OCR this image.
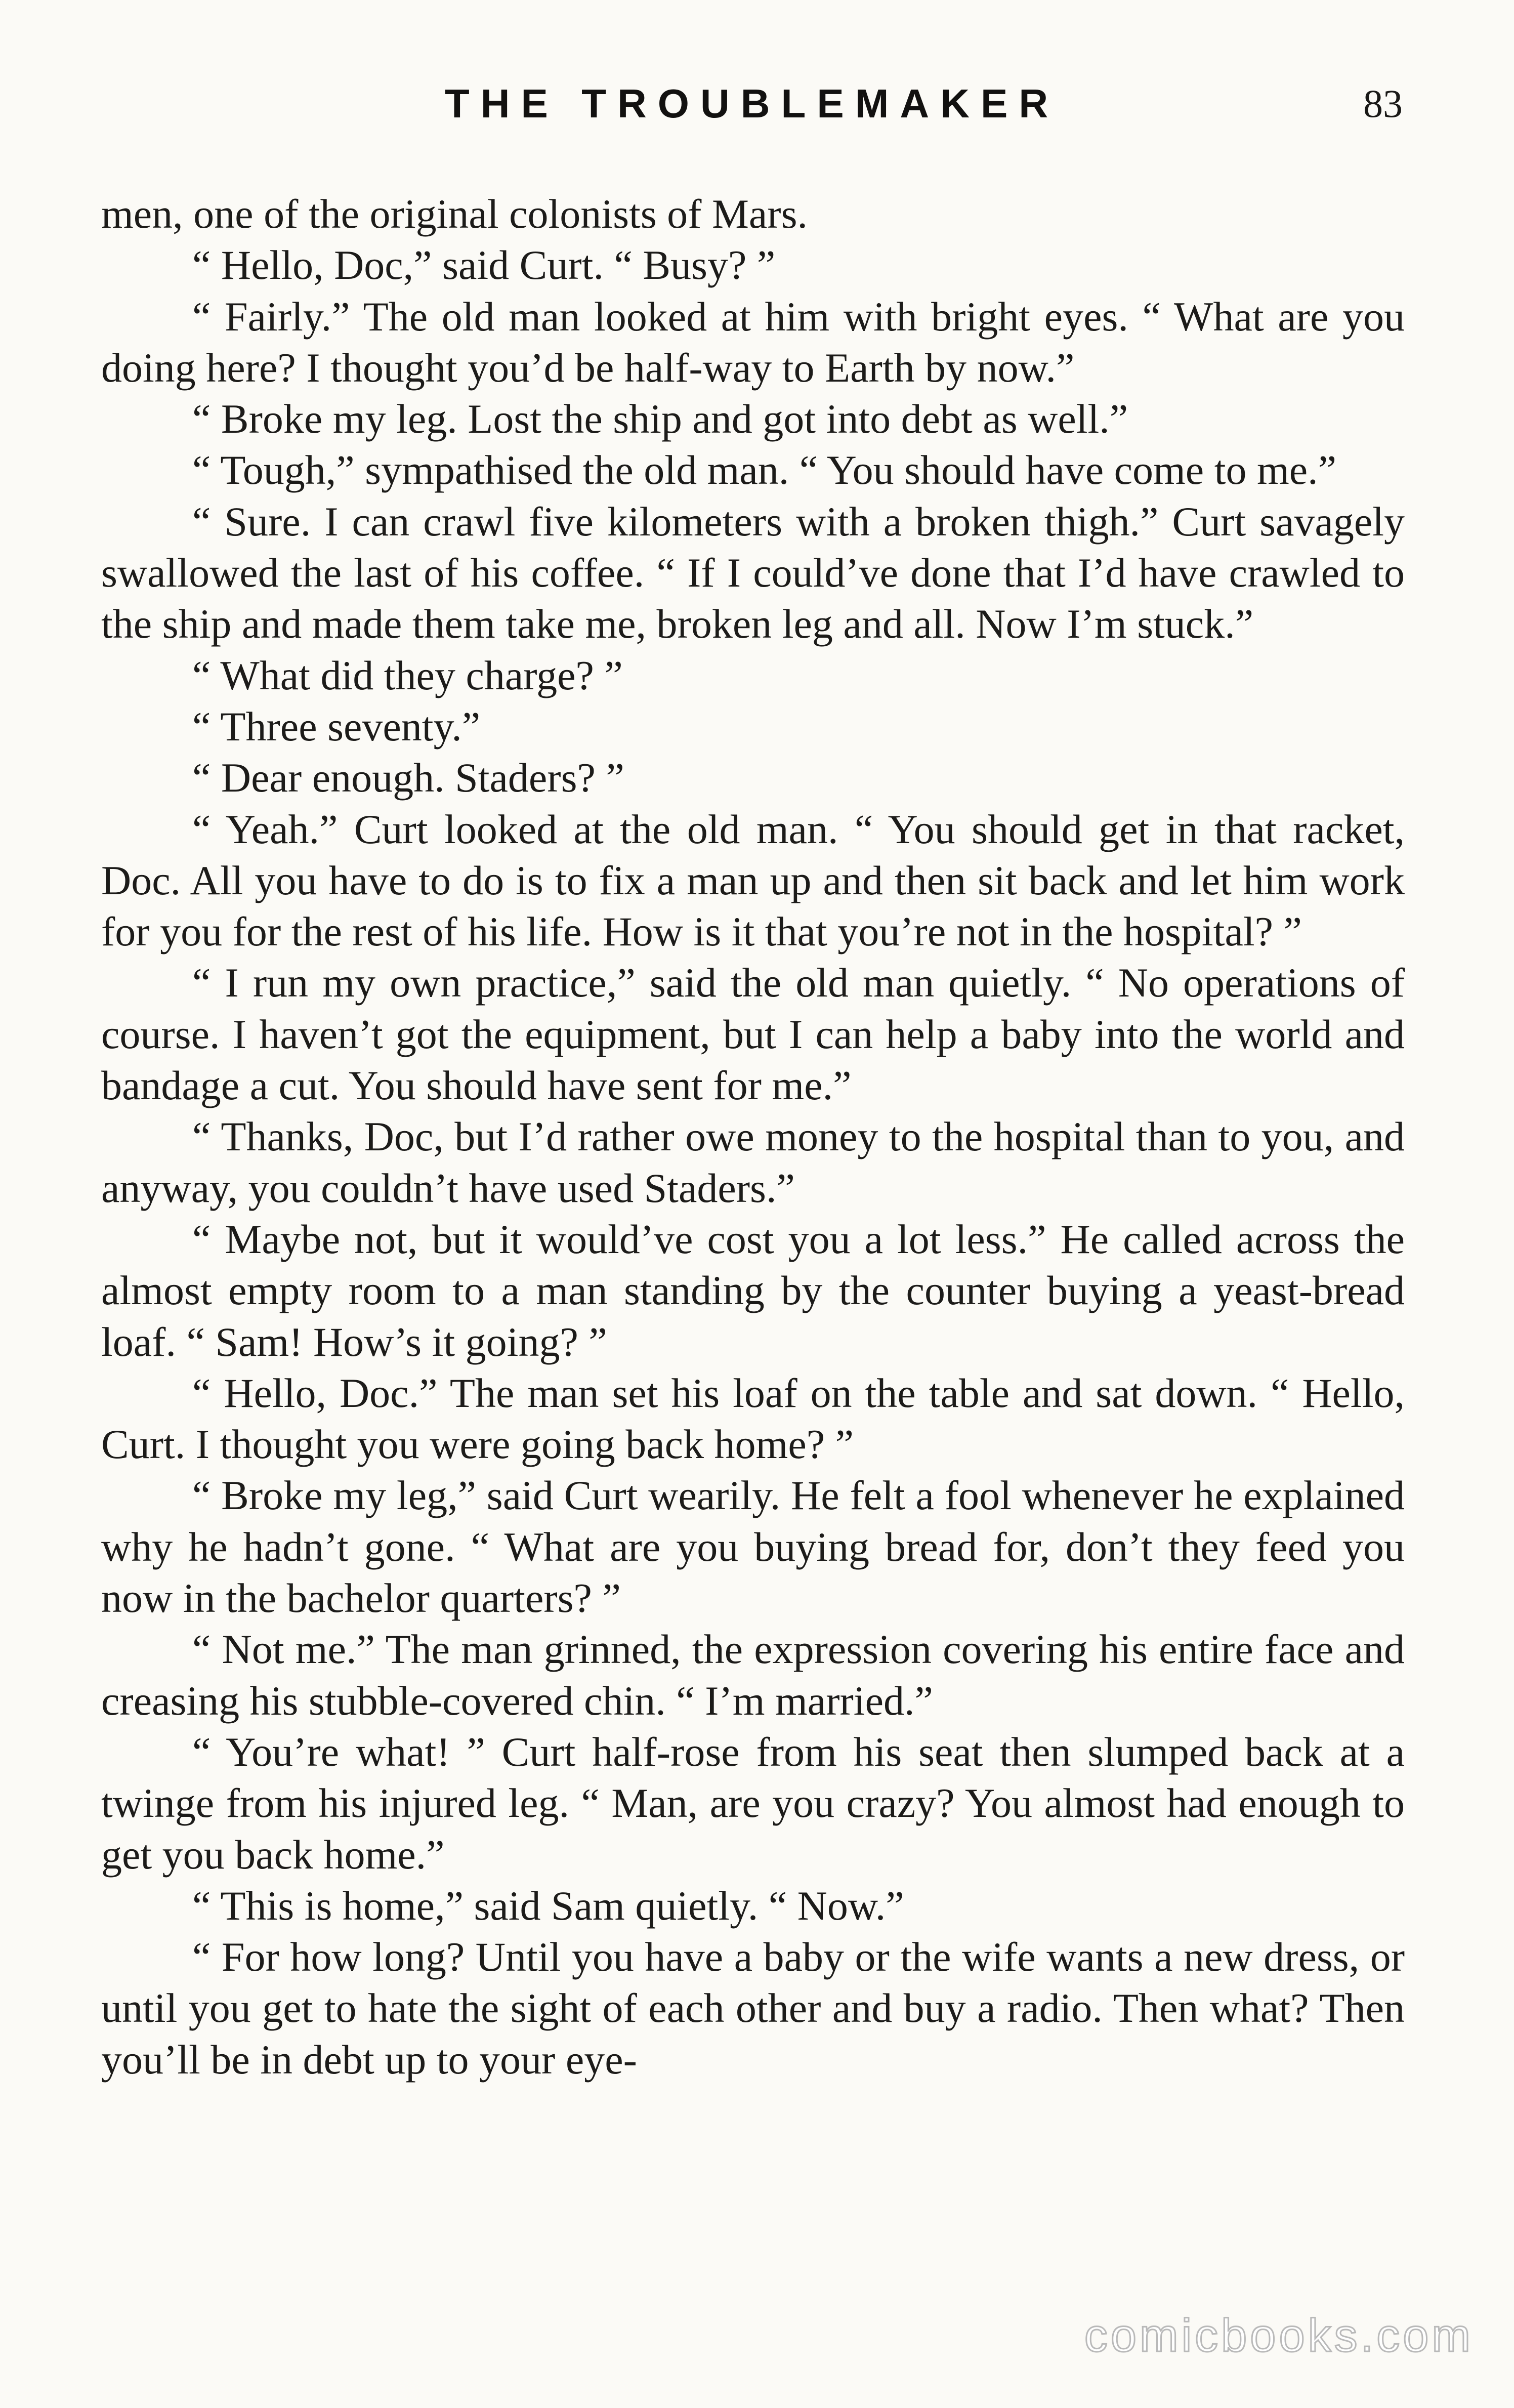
THE TROUBLEMAKER	83

men, one of the original colonists of Mars.

“ Hello, Doc,” said Curt. “ Busy? ”

“ Fairly.” The old man looked at him with bright eyes. “ What are you doing here? I thought you’d be half-way to Earth by now.”

“ Broke my leg. Lost the ship and got into debt as well.”

“ Tough,” sympathised the old man. “ You should have come to me.”

“ Sure. I can crawl five kilometers with a broken thigh.” Curt savagely swallowed the last of his coffee. “ If I could’ve done that I’d have crawled to the ship and made them take me, broken leg and all. Now I’m stuck.”

“ What did they charge? ”

“ Three seventy.”

“ Dear enough. Staders? ”

“ Yeah.” Curt looked at the old man. “ You should get in that racket, Doc. All you have to do is to fix a man up and then sit back and let him work for you for the rest of his life. How is it that you’re not in the hospital? ”

“ I run my own practice,” said the old man quietly. “ No operations of course. I haven’t got the equipment, but I can help a baby into the world and bandage a cut. You should have sent for me.”

“ Thanks, Doc, but I’d rather owe money to the hospital than to you, and anyway, you couldn’t have used Staders.”

“ Maybe not, but it would’ve cost you a lot less.” He called across the almost empty room to a man standing by the counter buying a yeast-bread loaf. “ Sam! How’s it going? ”

“ Hello, Doc.” The man set his loaf on the table and sat down. “ Hello, Curt. I thought you were going back home? ”

“ Broke my leg,” said Curt wearily. He felt a fool whenever he explained why he hadn’t gone. “ What are you buying bread for, don’t they feed you now in the bachelor quarters? ”

“ Not me.” The man grinned, the expression covering his entire face and creasing his stubble-covered chin. “ I’m married.”

“ You’re what! ” Curt half-rose from his seat then slumped back at a twinge from his injured leg. “ Man, are you crazy? You almost had enough to get you back home.”

“ This is home,” said Sam quietly. “ Now.”

“ For how long? Until you have a baby or the wife wants a new dress, or until you get to hate the sight of each other and buy a radio. Then what? Then you’ll be in debt up to your eye-

comicbooks.com
